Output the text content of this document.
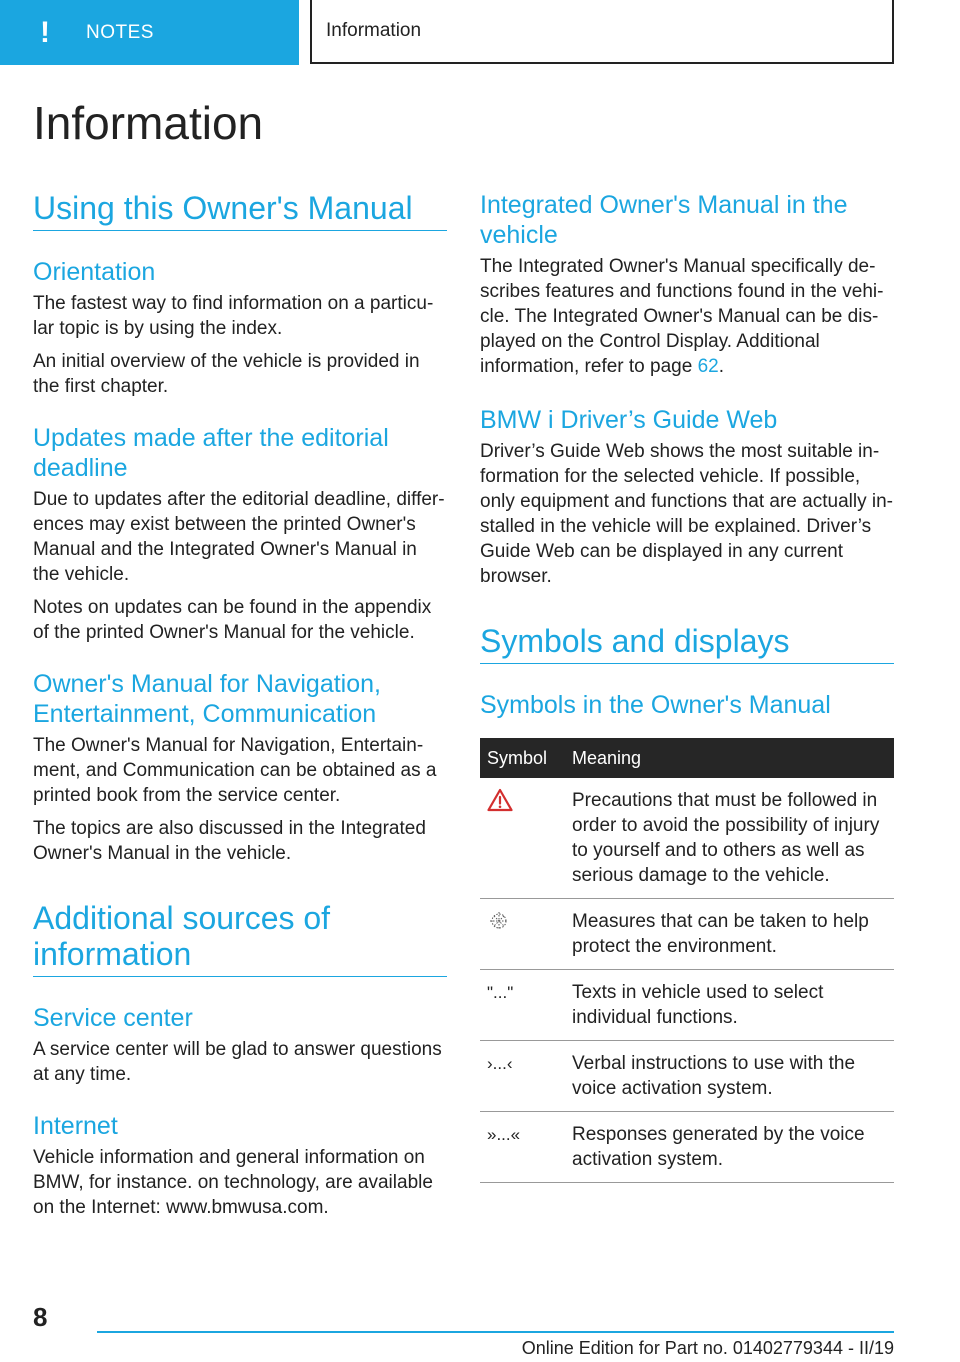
!	NOTES	Information
Information
Using this Owner's Manual
Orientation

The fastest way to find information on a particular topic is by using the index.

An initial overview of the vehicle is provided in the first chapter.

Updates made after the editorial deadline

Due to updates after the editorial deadline, differences may exist between the printed Owner's Manual and the Integrated Owner's Manual in the vehicle.

Notes on updates can be found in the appendix of the printed Owner's Manual for the vehicle.

Owner's Manual for Navigation, Entertainment, Communication

The Owner's Manual for Navigation, Entertainment, and Communication can be obtained as a printed book from the service center.

The topics are also discussed in the Integrated Owner's Manual in the vehicle.

Additional sources of information
Service center

A service center will be glad to answer questions at any time.

Internet

Vehicle information and general information on BMW, for instance. on technology, are available on the Internet: www.bmwusa.com.

Integrated Owner's Manual in the vehicle

The Integrated Owner's Manual specifically describes features and functions found in the vehicle. The Integrated Owner's Manual can be displayed on the Control Display. Additional information, refer to page 62.

BMW i Driver’s Guide Web

Driver’s Guide Web shows the most suitable information for the selected vehicle. If possible, only equipment and functions that are actually installed in the vehicle will be explained. Driver’s Guide Web can be displayed in any current browser.

Symbols and displays
Symbols in the Owner's Manual
Symbol	Meaning
	Precautions that must be followed in order to avoid the possibility of injury to yourself and to others as well as serious damage to the vehicle.
	Measures that can be taken to help protect the environment.
"..."	Texts in vehicle used to select individual functions.
›...‹	Verbal instructions to use with the voice activation system.
»...«	Responses generated by the voice activation system.
8
Online Edition for Part no. 01402779344 - II/19
